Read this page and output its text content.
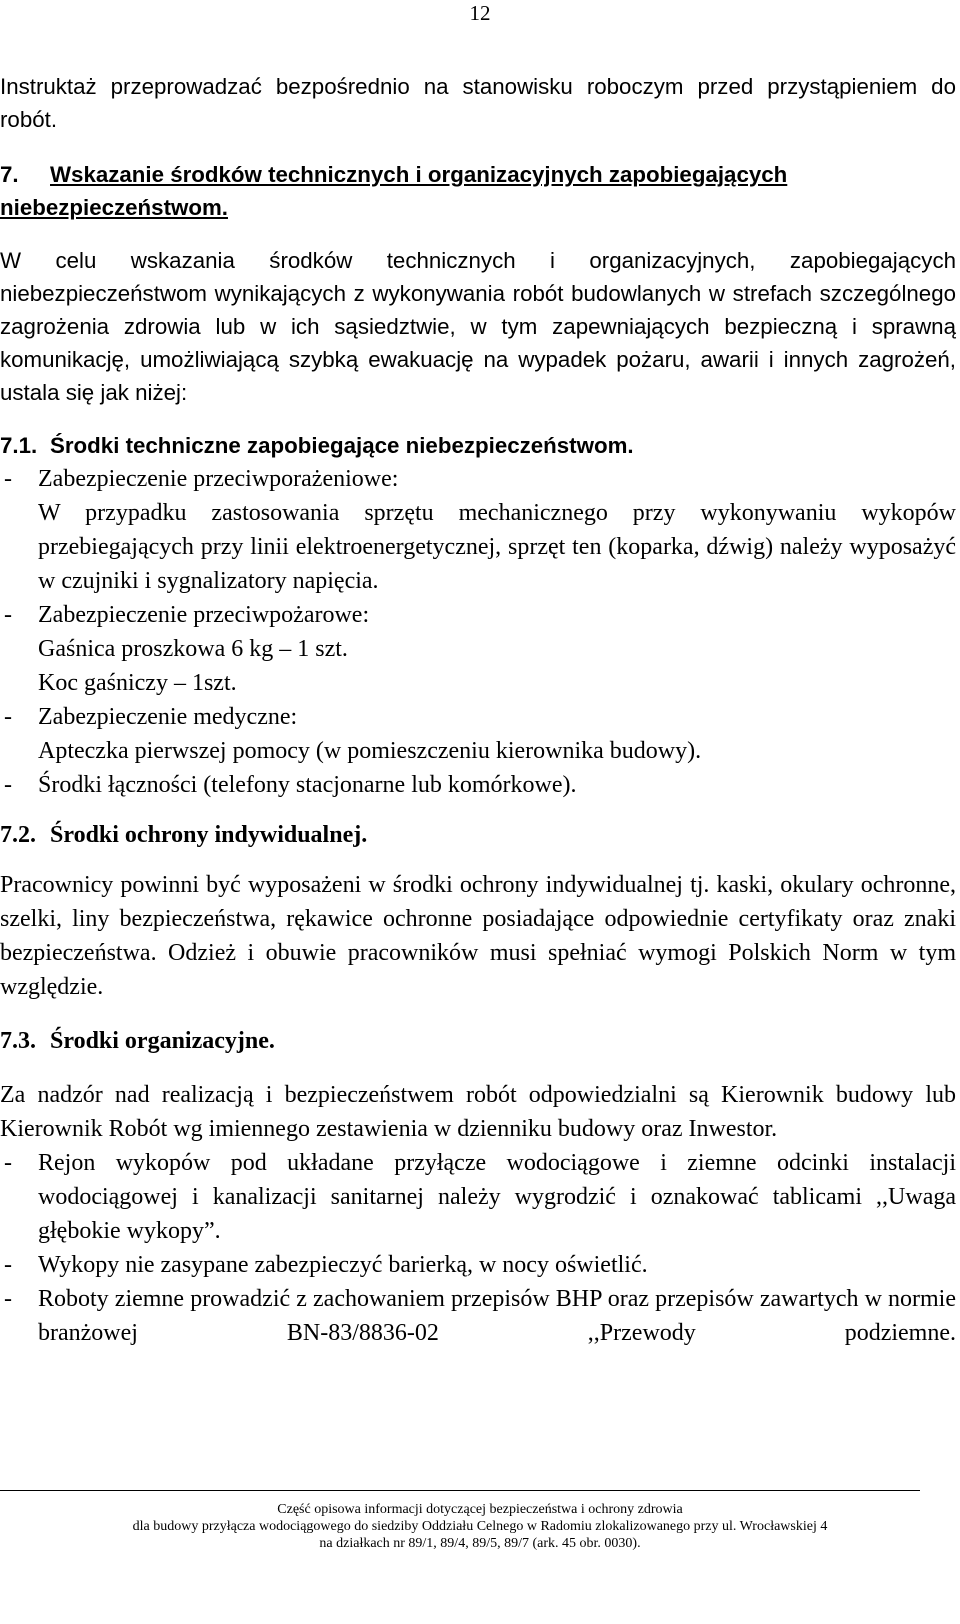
12

Instruktaż przeprowadzać bezpośrednio na stanowisku roboczym przed przystąpieniem do robót.

7. Wskazanie środków technicznych i organizacyjnych zapobiegających niebezpieczeństwom.

W celu wskazania środków technicznych i organizacyjnych, zapobiegających niebezpieczeństwom wynikających z wykonywania robót budowlanych w strefach szczególnego zagrożenia zdrowia lub w ich sąsiedztwie, w tym zapewniających bezpieczną i sprawną komunikację, umożliwiającą szybką ewakuację na wypadek pożaru, awarii i innych zagrożeń, ustala się jak niżej:

7.1. Środki techniczne zapobiegające niebezpieczeństwom.
- Zabezpieczenie przeciwporażeniowe:
W przypadku zastosowania sprzętu mechanicznego przy wykonywaniu wykopów przebiegających przy linii elektroenergetycznej, sprzęt ten (koparka, dźwig) należy wyposażyć w czujniki i sygnalizatory napięcia.
- Zabezpieczenie przeciwpożarowe:
Gaśnica proszkowa 6 kg – 1 szt.
Koc gaśniczy – 1szt.
- Zabezpieczenie medyczne:
Apteczka pierwszej pomocy (w pomieszczeniu kierownika budowy).
- Środki łączności (telefony stacjonarne lub komórkowe).
7.2. Środki ochrony indywidualnej.

Pracownicy powinni być wyposażeni w środki ochrony indywidualnej tj. kaski, okulary ochronne, szelki, liny bezpieczeństwa, rękawice ochronne posiadające odpowiednie certyfikaty oraz znaki bezpieczeństwa. Odzież i obuwie pracowników musi spełniać wymogi Polskich Norm w tym względzie.

7.3. Środki organizacyjne.

Za nadzór nad realizacją i bezpieczeństwem robót odpowiedzialni są Kierownik budowy lub Kierownik Robót wg imiennego zestawienia w dzienniku budowy oraz Inwestor.

- Rejon wykopów pod układane przyłącze wodociągowe i ziemne odcinki instalacji wodociągowej i kanalizacji sanitarnej należy wygrodzić i oznakować tablicami ,,Uwaga głębokie wykopy”.
- Wykopy nie zasypane zabezpieczyć barierką, w nocy oświetlić.
- Roboty ziemne prowadzić z zachowaniem przepisów BHP oraz przepisów zawartych w normie branżowej BN-83/8836-02 ,,Przewody podziemne.
Część opisowa informacji dotyczącej bezpieczeństwa i ochrony zdrowia
dla budowy przyłącza wodociągowego do siedziby Oddziału Celnego w Radomiu zlokalizowanego przy ul. Wrocławskiej 4
na działkach nr 89/1, 89/4, 89/5, 89/7 (ark. 45 obr. 0030).
